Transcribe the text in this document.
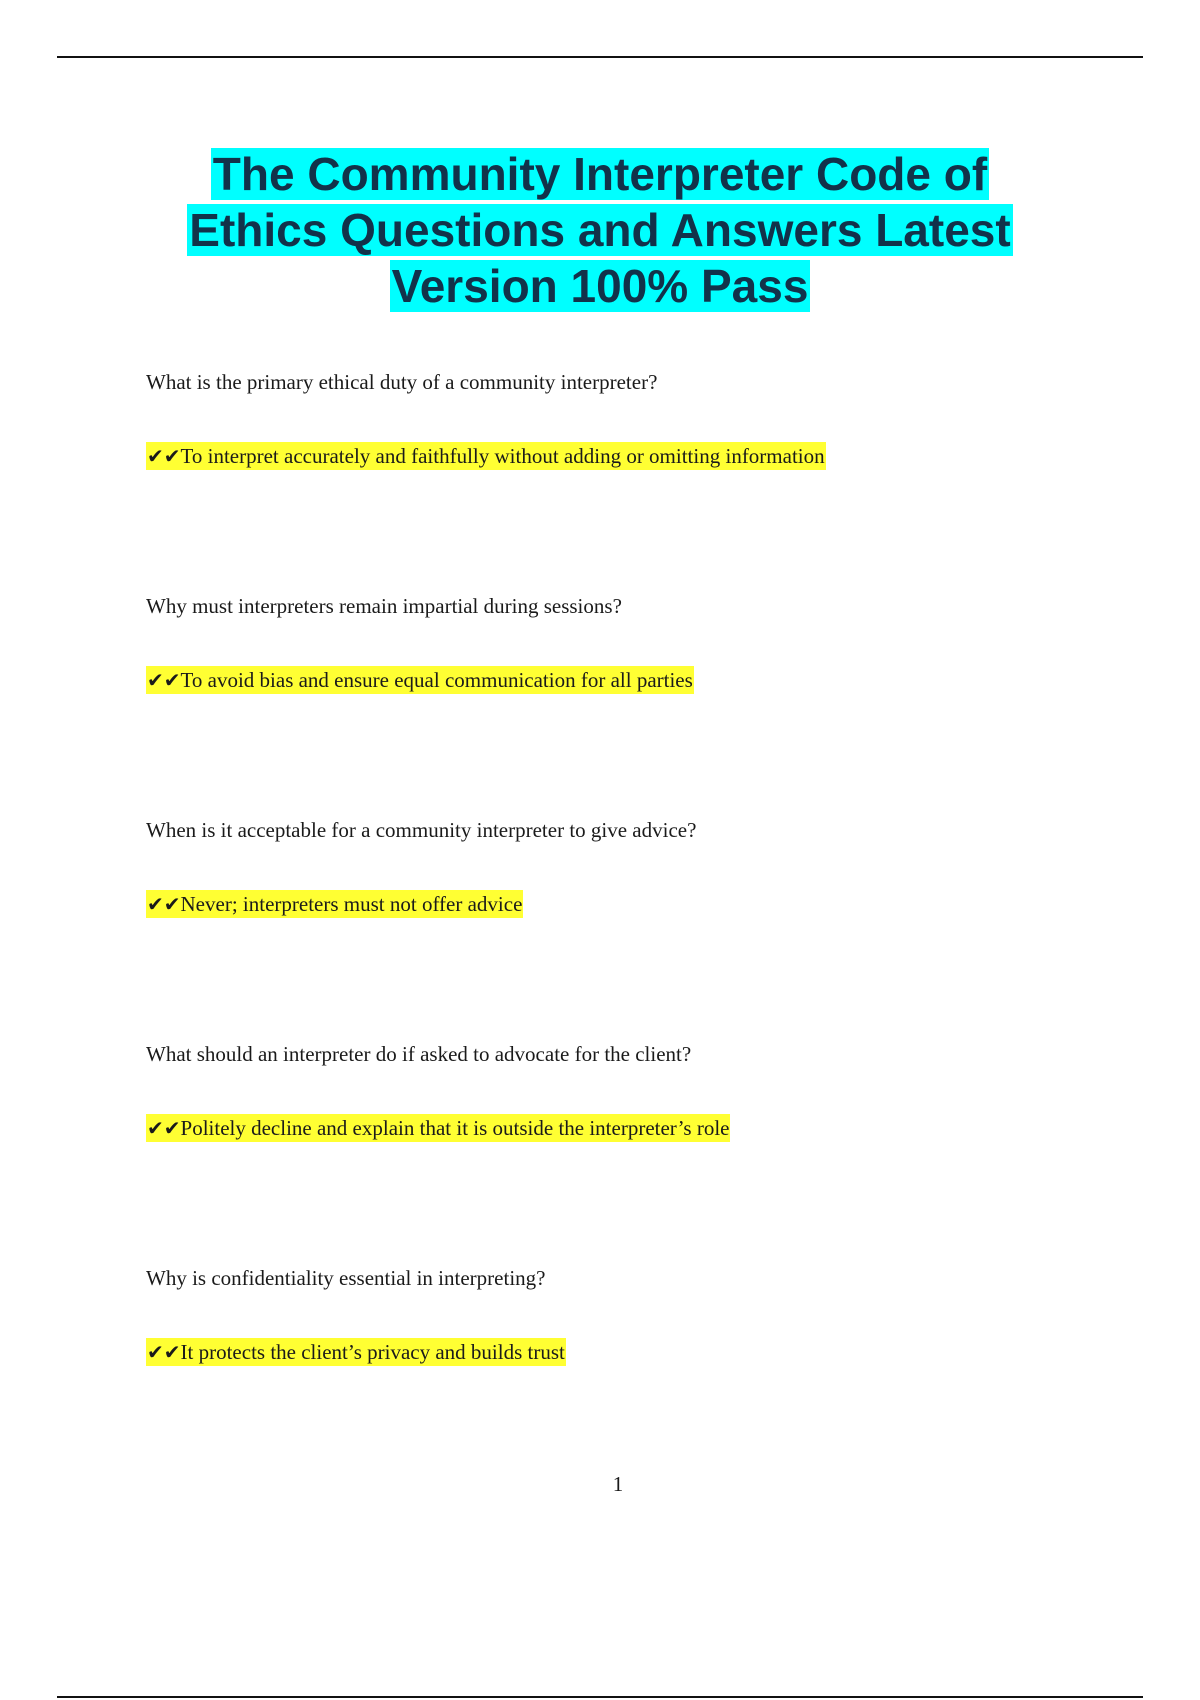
The Community Interpreter Code of
Ethics Questions and Answers Latest
Version 100% Pass
What is the primary ethical duty of a community interpreter?
✔✔To interpret accurately and faithfully without adding or omitting information
Why must interpreters remain impartial during sessions?
✔✔To avoid bias and ensure equal communication for all parties
When is it acceptable for a community interpreter to give advice?
✔✔Never; interpreters must not offer advice
What should an interpreter do if asked to advocate for the client?
✔✔Politely decline and explain that it is outside the interpreter’s role
Why is confidentiality essential in interpreting?
✔✔It protects the client’s privacy and builds trust
1
